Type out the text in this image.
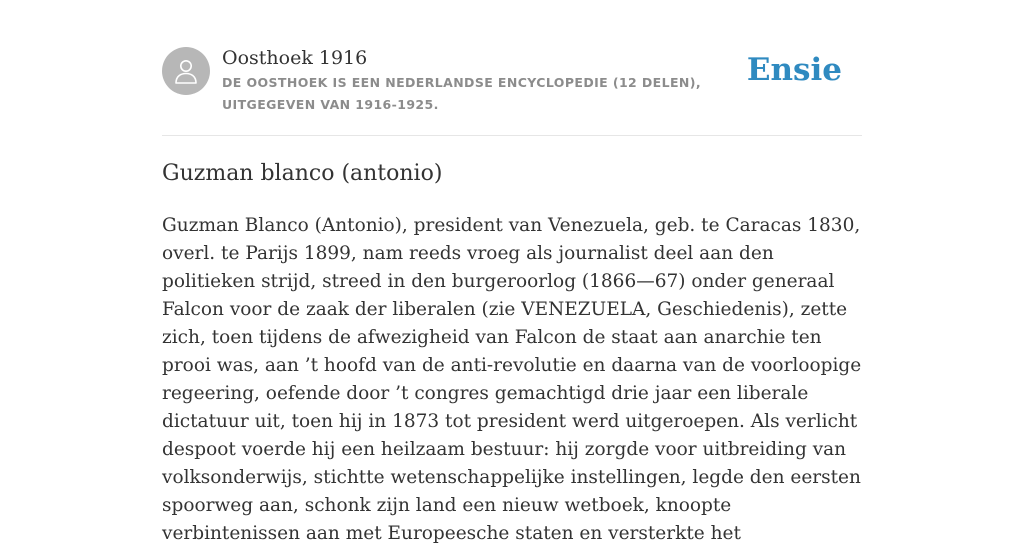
Oosthoek 1916
DE OOSTHOEK IS EEN NEDERLANDSE ENCYCLOPEDIE (12 DELEN), UITGEGEVEN VAN 1916-1925.
Ensie
Guzman blanco (antonio)

Guzman Blanco (Antonio), president van Venezuela, geb. te Caracas 1830, overl. te Parijs 1899, nam reeds vroeg als journalist deel aan den politieken strijd, streed in den burgeroorlog (1866—67) onder generaal Falcon voor de zaak der liberalen (zie VENEZUELA, Geschiedenis), zette zich, toen tijdens de afwezigheid van Falcon de staat aan anarchie ten prooi was, aan ’t hoofd van de anti-revolutie en daarna van de voorloopige regeering, oefende door ’t congres gemachtigd drie jaar een liberale dictatuur uit, toen hij in 1873 tot president werd uitgeroepen. Als verlicht despoot voerde hij een heilzaam bestuur: hij zorgde voor uitbreiding van volksonderwijs, stichtte wetenschappelijke instellingen, legde den eersten spoorweg aan, schonk zijn land een nieuw wetboek, knoopte verbintenissen aan met Europeesche staten en versterkte het
